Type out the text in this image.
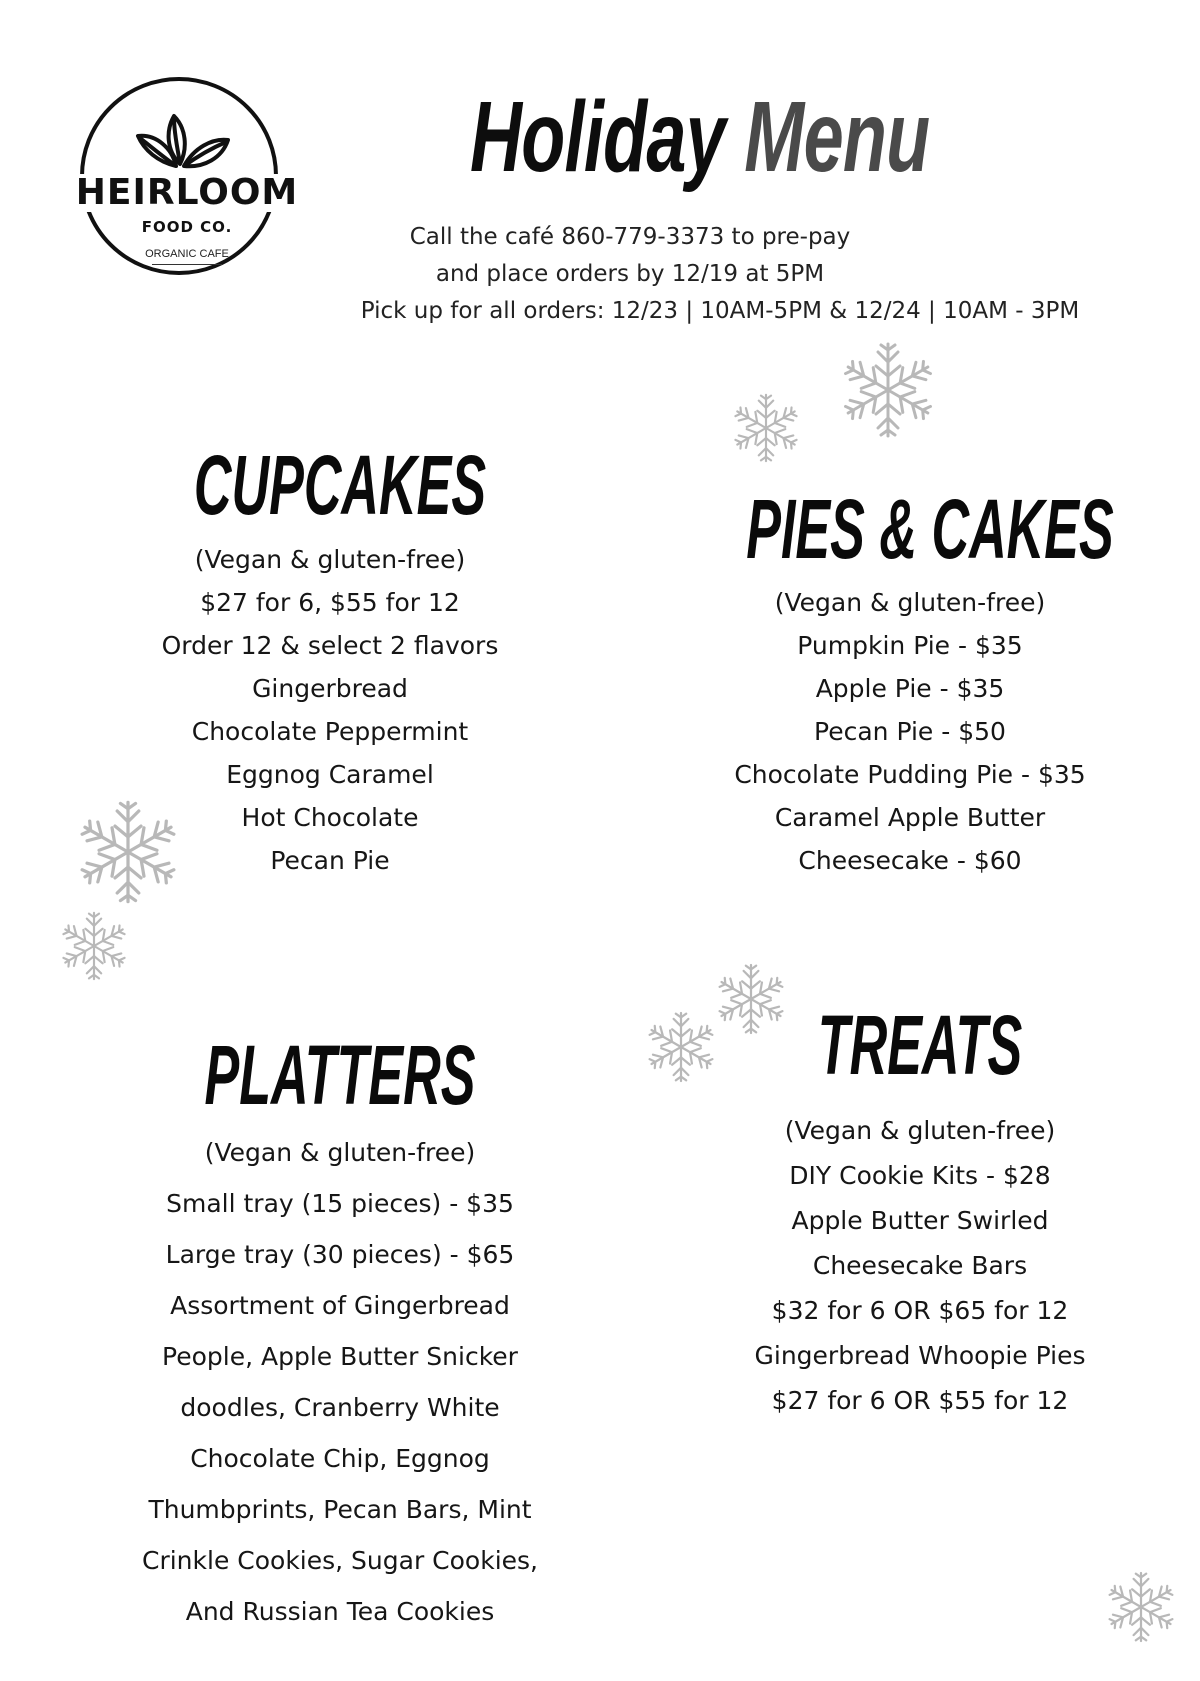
HEIRLOOM
FOOD CO.
ORGANIC CAFE
Holiday Menu
Call the café 860-779-3373 to pre-pay
and place orders by 12/19 at 5PM
Pick up for all orders: 12/23 | 10AM-5PM & 12/24 | 10AM - 3PM
CUPCAKES
(Vegan & gluten-free)
$27 for 6, $55 for 12
Order 12 & select 2 flavors
Gingerbread
Chocolate Peppermint
Eggnog Caramel
Hot Chocolate
Pecan Pie
PIES & CAKES
(Vegan & gluten-free)
Pumpkin Pie - $35
Apple Pie - $35
Pecan Pie - $50
Chocolate Pudding Pie - $35
Caramel Apple Butter
Cheesecake - $60
PLATTERS
(Vegan & gluten-free)
Small tray (15 pieces) - $35
Large tray (30 pieces) - $65
Assortment of Gingerbread
People, Apple Butter Snicker
doodles, Cranberry White
Chocolate Chip, Eggnog
Thumbprints, Pecan Bars, Mint
Crinkle Cookies, Sugar Cookies,
And Russian Tea Cookies
TREATS
(Vegan & gluten-free)
DIY Cookie Kits - $28
Apple Butter Swirled
Cheesecake Bars
$32 for 6 OR $65 for 12
Gingerbread Whoopie Pies
$27 for 6 OR $55 for 12
